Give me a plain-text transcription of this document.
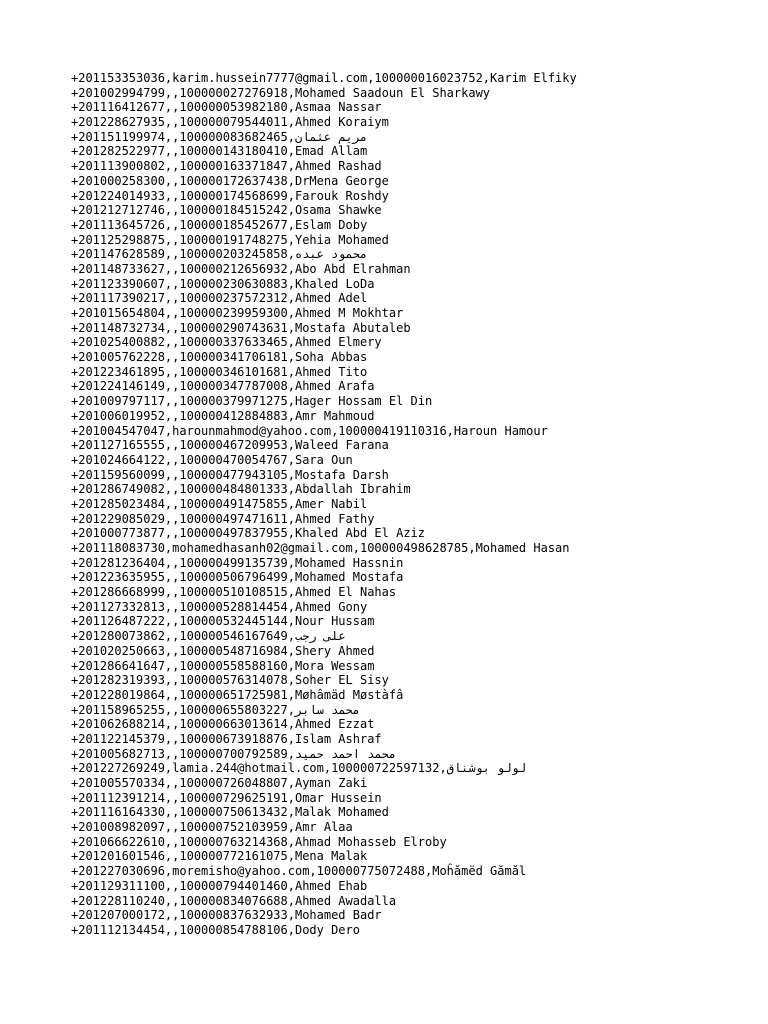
+201153353036,karim.hussein7777@gmail.com,100000016023752,Karim Elfiky
+201002994799,,100000027276918,Mohamed Saadoun El Sharkawy
+201116412677,,100000053982180,Asmaa Nassar
+201228627935,,100000079544011,Ahmed Koraiym
+201151199974,,100000083682465,مريم عثمان
+201282522977,,100000143180410,Emad Allam
+201113900802,,100000163371847,Ahmed Rashad
+201000258300,,100000172637438,DrMena George
+201224014933,,100000174568699,Farouk Roshdy
+201212712746,,100000184515242,Osama Shawke
+201113645726,,100000185452677,Eslam Doby
+201125298875,,100000191748275,Yehia Mohamed
+201147628589,,100000203245858,محمود عبده
+201148733627,,100000212656932,Abo Abd Elrahman
+201123390607,,100000230630883,Khaled LoDa
+201117390217,,100000237572312,Ahmed Adel
+201015654804,,100000239959300,Ahmed M Mokhtar
+201148732734,,100000290743631,Mostafa Abutaleb
+201025400882,,100000337633465,Ahmed Elmery
+201005762228,,100000341706181,Soha Abbas
+201223461895,,100000346101681,Ahmed Tito
+201224146149,,100000347787008,Ahmed Arafa
+201009797117,,100000379971275,Hager Hossam El Din
+201006019952,,100000412884883,Amr Mahmoud
+201004547047,harounmahmod@yahoo.com,100000419110316,Haroun Hamour
+201127165555,,100000467209953,Waleed Farana
+201024664122,,100000470054767,Sara Oun
+201159560099,,100000477943105,Mostafa Darsh
+201286749082,,100000484801333,Abdallah Ibrahim
+201285023484,,100000491475855,Amer Nabil
+201229085029,,100000497471611,Ahmed Fathy
+201000773877,,100000497837955,Khaled Abd El Aziz
+201118083730,mohamedhasanh02@gmail.com,100000498628785,Mohamed Hasan
+201281236404,,100000499135739,Mohamed Hassnin
+201223635955,,100000506796499,Mohamed Mostafa
+201286668999,,100000510108515,Ahmed El Nahas
+201127332813,,100000528814454,Ahmed Gony
+201126487222,,100000532445144,Nour Hussam
+201280073862,,100000546167649,على رجب
+201020250663,,100000548716984,Shery Ahmed
+201286641647,,100000558588160,Mora Wessam
+201282319393,,100000576314078,Soher EL Sisy
+201228019864,,100000651725981,Møhâmäd Møstàfâ
+201158965255,,100000655803227,محمد سابر
+201062688214,,100000663013614,Ahmed Ezzat
+201122145379,,100000673918876,Islam Ashraf
+201005682713,,100000700792589,محمد احمد حميد
+201227269249,lamia.244@hotmail.com,100000722597132,لولو بوشناق
+201005570334,,100000726048807,Ayman Zaki
+201112391214,,100000729625191,Omar Hussein
+201116164330,,100000750613432,Malak Mohamed
+201008982097,,100000752103959,Amr Alaa
+201066622610,,100000763214368,Ahmad Mohasseb Elroby
+201201601546,,100000772161075,Mena Malak
+201227030696,moremisho@yahoo.com,100000775072488,Moĥămëd Gămăl
+201129311100,,100000794401460,Ahmed Ehab
+201228110240,,100000834076688,Ahmed Awadalla
+201207000172,,100000837632933,Mohamed Badr
+201112134454,,100000854788106,Dody Dero
